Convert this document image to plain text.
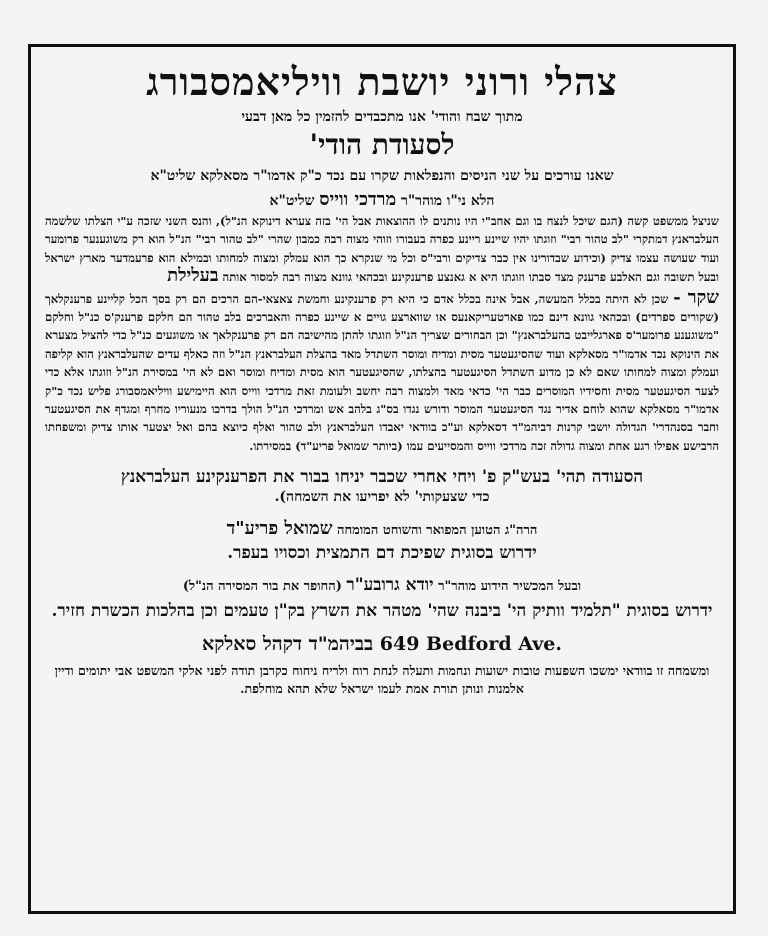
צהלי ורוני יושבת וויליאמסבורג
מתוך שבח והודי' אנו מתכבדים להזמין כל מאן דבעי
לסעודת הודי'
שאנו עורכים על שני הניסים והנפלאות שקרו עם נכד כ"ק אדמו"ר מסאלקא שליט"א
הלא ני"ו מוהר"ר מרדכי ווייס שליט"א

שניצל ממשפט קשה (הגם שיכל לנצח בו וגם אחב"י היו נותנים לו ההוצאות אבל הי' בזה צערא דינוקא הנ"ל), והנס השני שזכה ע"י הצלתו שלשמה העלבראנץ דמתקרי "לב טהור רבי" וזוגתו יהיו שיינע ריינע כפרה בעבורו וזוהי מצוה רבה כמבון שהרי "לב טהור רבי" הנ"ל הוא רק משוגענער פרומער ועוד שעושה עצמו צדיק (וכידוע שבדורינו אין כבר צדיקים ורבי"ס וכל מי שנקרא כך הוא עמלק ומצוה למחותו ובמילא הוא פרעמדער מארץ ישראל ובעל תשובה וגם האלבע פרענק מצד סבתו וזוגתו היא א גאנצע פרענקינע ובכהאי גוונא מצוה רבה למסור אותה בעלילת

שקר - שכן לא היתה בכלל המעשה, אבל אינה בכלל אדם כי היא רק פרענקינע וחמשת צאצאי-הם הרכים הם רק בסך הכל קליינע פרענקלאך (שקורים ספרדים) ובכהאי גוונא דינם כמו פארטעריקאנעס או שווארצע גויים א שיינע כפרה והאברכים בלב טהור הם חלקם פרענק'ס כנ"ל וחלקם "משוגענע פרומער'ס פארגלייבט בהעלבראנץ" וכן הבחורים שצריך הנ"ל וזוגתו להתן מהישיבה הם רק פרענקלאך או משוגעים כנ"ל כדי להציל מצערא את הינוקא נכד אדמו"ר מסאלקא ועוד שהסיגעטער מסית ומדיח ומוסר השתדל מאד בהצלת העלבראנץ הנ"ל וזה כאלף עדים שהעלבראנץ הוא קליפה ועמלק ומצוה למחותו שאם לא כן מדוע השתדל הסיגעטער בהצלתו, שהסיגעטער הוא מסית ומדיח ומוסר ואם לא הי' במסירת הנ"ל וזוגתו אלא כדי לצער הסיגעטער מסית וחסידיו המוסרים כבר הי' כדאי מאד ולמצוה רבה יחשב ולעומת זאת מרדכי ווייס הוא היימישע וויליאמסבורג פליש נכד כ"ק אדמו"ר מסאלקא שהוא לוחם אדיר נגד הסיגעטער המוסר ודורש נגדו בס"ג בלהב אש ומרדכי הנ"ל הולך בדרכו מנעוריו מחרף ומגדף את הסיגעטער וחבר בסנהדרי' הגדולה יושבי קרנות דביהמ"ד דסאלקא וע"כ בוודאי יאבדו העלבראנץ ולב טהור ואלף כיוצא בהם ואל יצטער אותו צדיק ומשפחתו הרבישע אפילו רגע אחת ומצוה גדולה זכה מרדכי ווייס והמסייעים עמו (ביותר שמואל פריע"ד) במסירתו.

הסעודה תהי' בעש"ק פ' ויחי אחרי שכבר יניחו בבור את הפרענקינע העלבראנץ
כדי שצעקותי' לא יפריעו את השמחה).
הרה"ג הטוען המפואר והשוחט המומחה שמואל פריע"ד
ידרוש בסוגית שפיכת דם התמצית וכסויו בעפר.
ובעל המכשיר הידוע מוהר"ר יודא גרובע"ר (החופר את בור המסירה הנ"ל)
ידרוש בסוגית "תלמיד וותיק הי' ביבנה שהי' מטהר את השרץ בק"ן טעמים וכן בהלכות הכשרת חזיר.
649 Bedford Ave. בביהמ"ד דקהל סאלקא
ומשמחה זו בוודאי ימשכו השפעות טובות ישועות ונחמות ותעלה לנחת רוח ולריח ניחוח כקרבן תודה לפני אלקי המשפט אבי יתומים ודיין אלמנות ונותן תורת אמת לעמו ישראל שלא תהא מוחלפת.
